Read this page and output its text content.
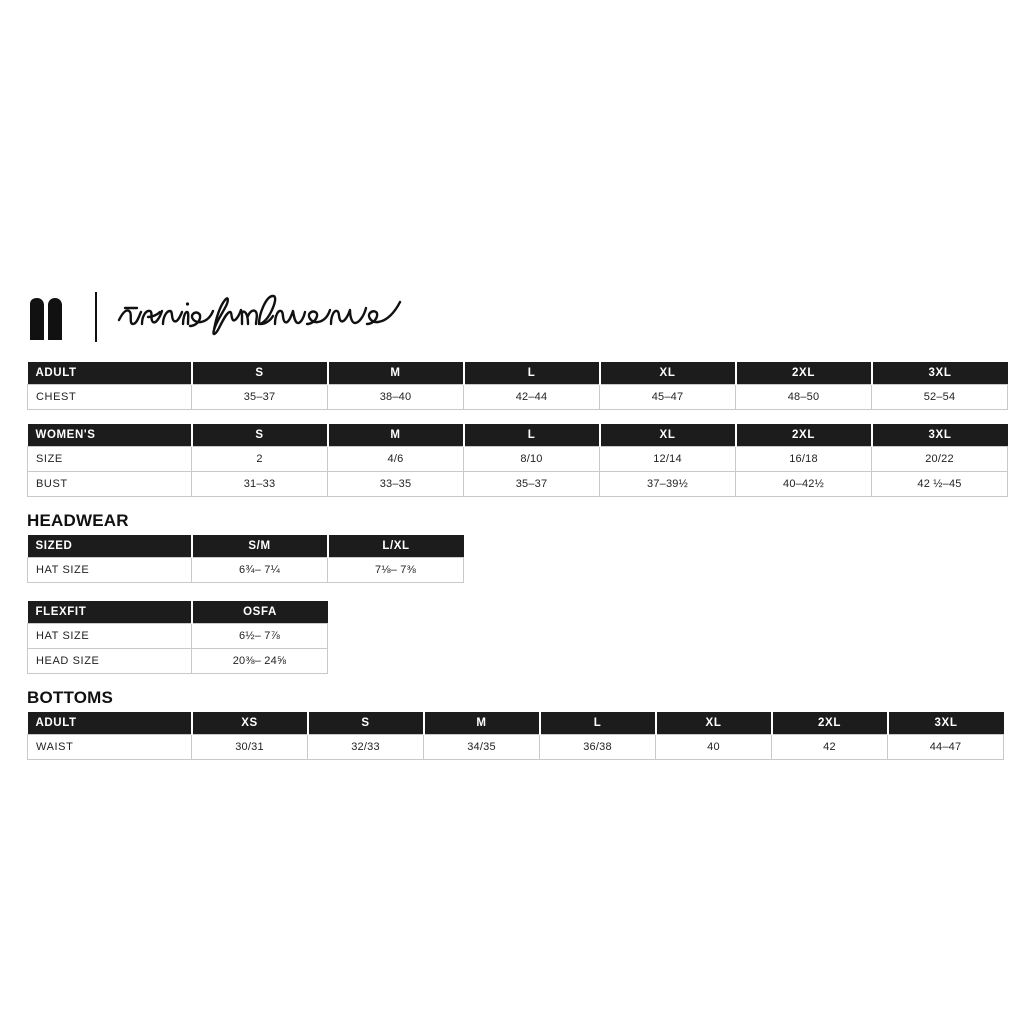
ADULT	S	M	L	XL	2XL	3XL
CHEST	35–37	38–40	42–44	45–47	48–50	52–54
WOMEN'S	S	M	L	XL	2XL	3XL
SIZE	2	4/6	8/10	12/14	16/18	20/22
BUST	31–33	33–35	35–37	37–39½	40–42½	42 ½–45
HEADWEAR
SIZED	S/M	L/XL
HAT SIZE	6¾– 7¼	7⅛– 7⅜
FLEXFIT	OSFA
HAT SIZE	6½– 7⅞
HEAD SIZE	20⅜– 24⅝
BOTTOMS
ADULT	XS	S	M	L	XL	2XL	3XL
WAIST	30/31	32/33	34/35	36/38	40	42	44–47
